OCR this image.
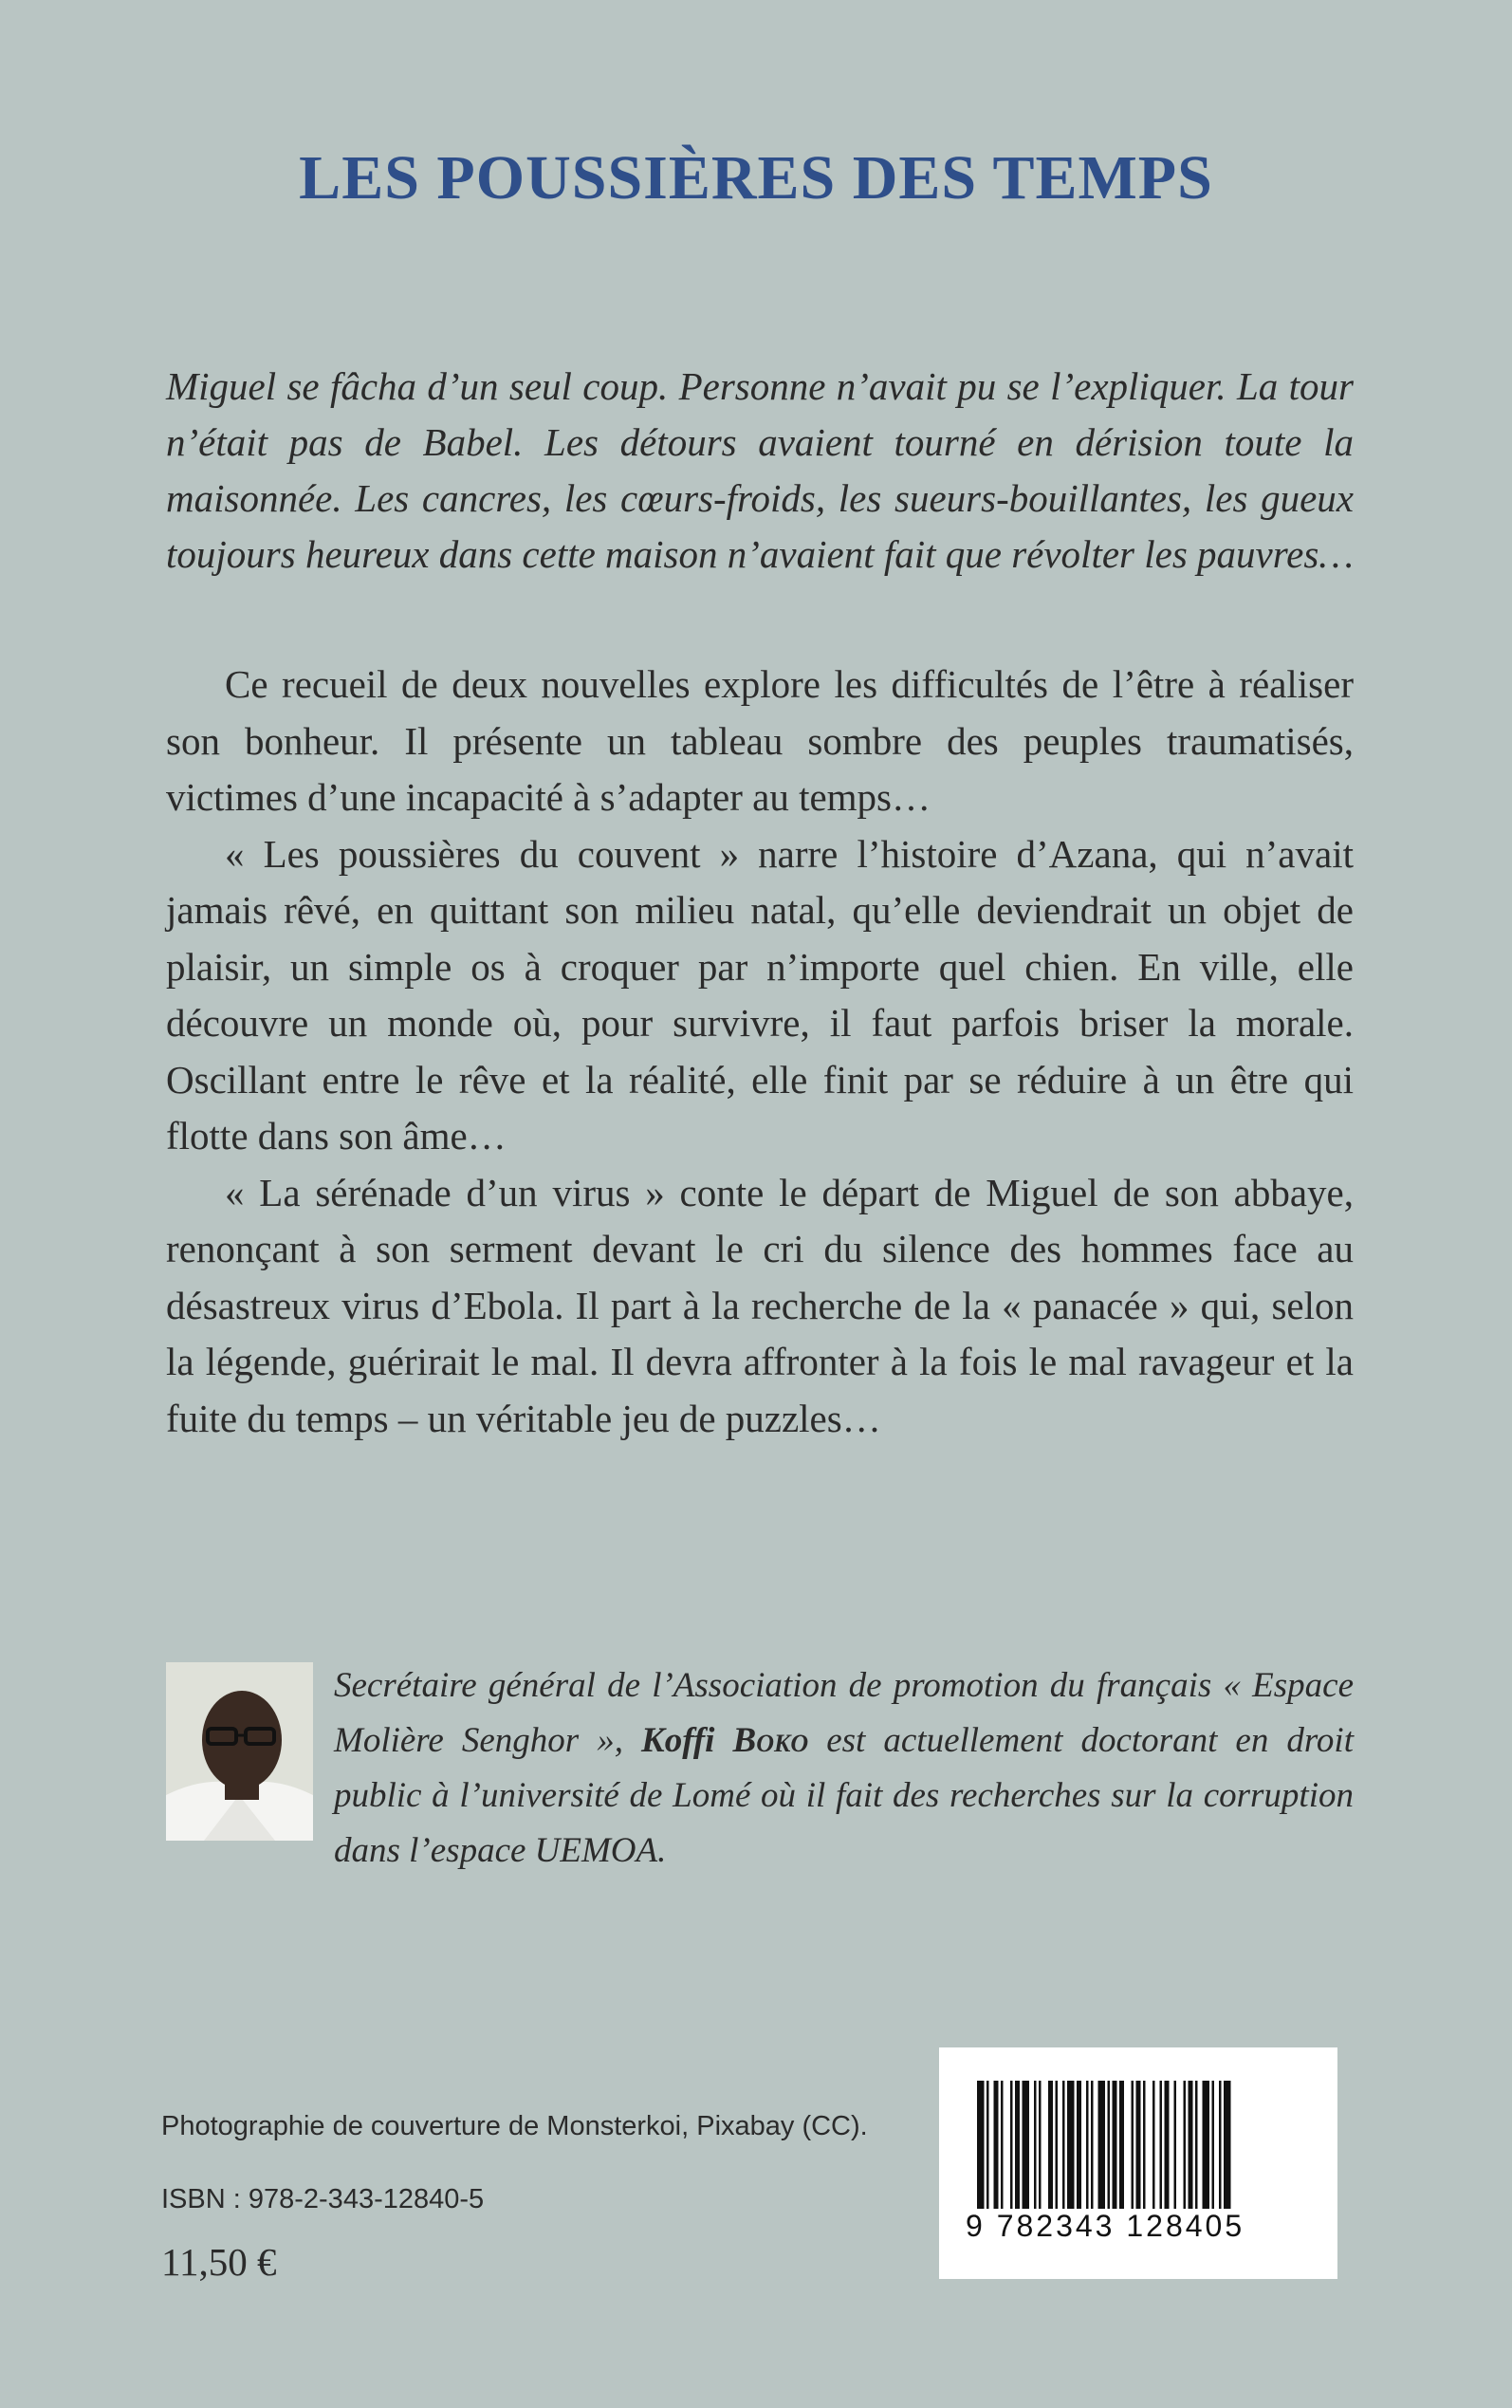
LES POUSSIÈRES DES TEMPS

Miguel se fâcha d’un seul coup. Personne n’avait pu se l’expliquer. La tour n’était pas de Babel. Les détours avaient tourné en dérision toute la maisonnée. Les cancres, les cœurs-froids, les sueurs-bouillantes, les gueux toujours heureux dans cette maison n’avaient fait que révolter les pauvres…

Ce recueil de deux nouvelles explore les difficultés de l’être à réaliser son bonheur. Il présente un tableau sombre des peuples traumatisés, victimes d’une incapacité à s’adapter au temps…

« Les poussières du couvent » narre l’histoire d’Azana, qui n’avait jamais rêvé, en quittant son milieu natal, qu’elle deviendrait un objet de plaisir, un simple os à croquer par n’importe quel chien. En ville, elle découvre un monde où, pour survivre, il faut parfois briser la morale. Oscillant entre le rêve et la réalité, elle finit par se réduire à un être qui flotte dans son âme…

« La sérénade d’un virus » conte le départ de Miguel de son abbaye, renonçant à son serment devant le cri du silence des hommes face au désastreux virus d’Ebola. Il part à la recherche de la « panacée » qui, selon la légende, guérirait le mal. Il devra affronter à la fois le mal ravageur et la fuite du temps – un véritable jeu de puzzles…

Secrétaire général de l’Association de promotion du français « Espace Molière Senghor », Koffi Boko est actuellement doctorant en droit public à l’université de Lomé où il fait des recherches sur la corruption dans l’espace UEMOA.

Photographie de couverture de Monsterkoi, Pixabay (CC).
ISBN : 978-2-343-12840-5
11,50 €
9 782343 128405
